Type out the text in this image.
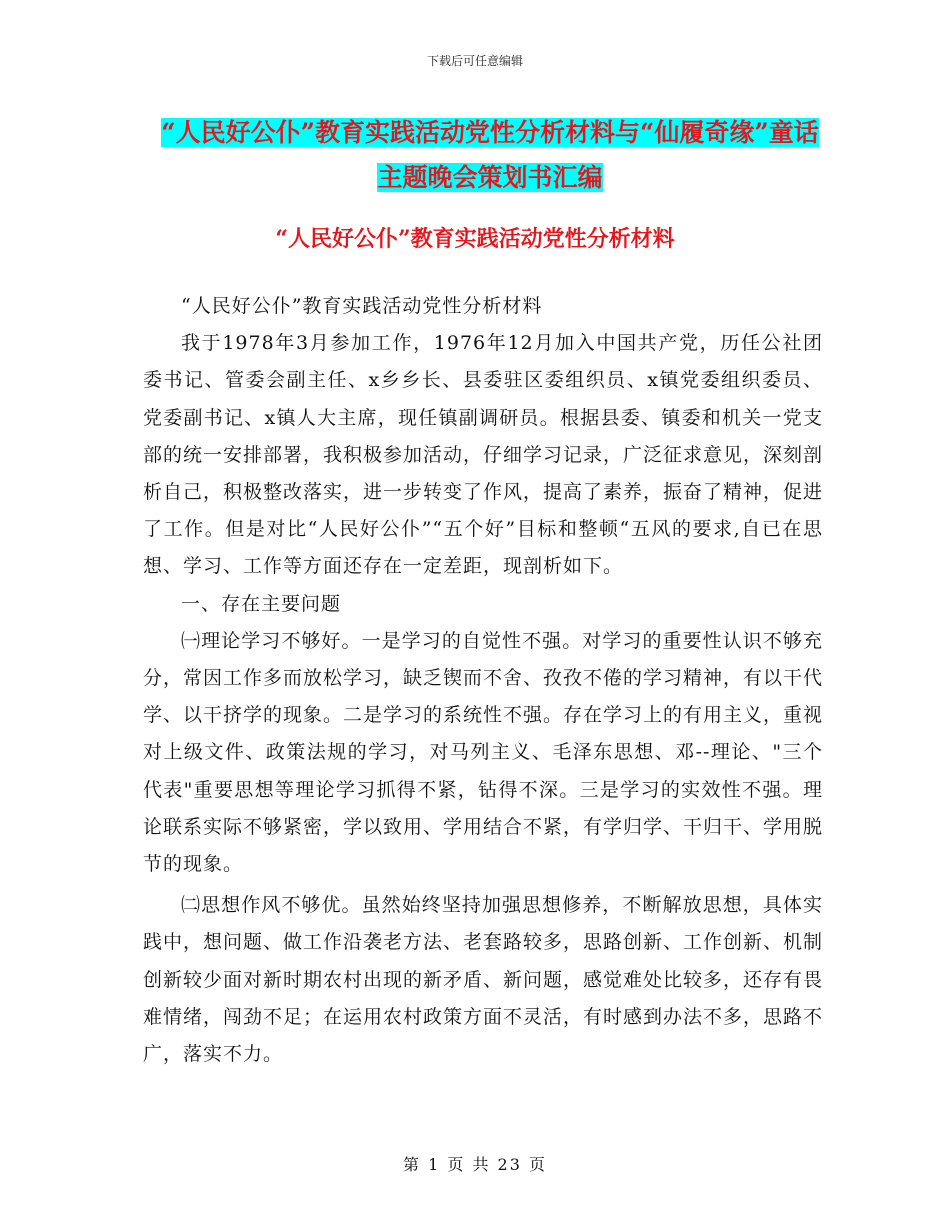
下载后可任意编辑
“人民好公仆”教育实践活动党性分析材料与“仙履奇缘”童话主题晚会策划书汇编
“人民好公仆”教育实践活动党性分析材料

“人民好公仆”教育实践活动党性分析材料

我于1978年3月参加工作，1976年12月加入中国共产党，历任公社团委书记、管委会副主任、x乡乡长、县委驻区委组织员、x镇党委组织委员、党委副书记、x镇人大主席，现任镇副调研员。根据县委、镇委和机关一党支部的统一安排部署，我积极参加活动，仔细学习记录，广泛征求意见，深刻剖析自己，积极整改落实，进一步转变了作风，提高了素养，振奋了精神，促进了工作。但是对比“人民好公仆”“五个好”目标和整顿“五风的要求,自已在思想、学习、工作等方面还存在一定差距，现剖析如下。

一、存在主要问题

㈠理论学习不够好。一是学习的自觉性不强。对学习的重要性认识不够充分，常因工作多而放松学习，缺乏锲而不舍、孜孜不倦的学习精神，有以干代学、以干挤学的现象。二是学习的系统性不强。存在学习上的有用主义，重视对上级文件、政策法规的学习，对马列主义、毛泽东思想、邓--理论、"三个代表"重要思想等理论学习抓得不紧，钻得不深。三是学习的实效性不强。理论联系实际不够紧密，学以致用、学用结合不紧，有学归学、干归干、学用脱节的现象。

㈡思想作风不够优。虽然始终坚持加强思想修养，不断解放思想，具体实践中，想问题、做工作沿袭老方法、老套路较多，思路创新、工作创新、机制创新较少面对新时期农村出现的新矛盾、新问题，感觉难处比较多，还存有畏难情绪，闯劲不足；在运用农村政策方面不灵活，有时感到办法不多，思路不广，落实不力。

第 1 页 共 23 页
